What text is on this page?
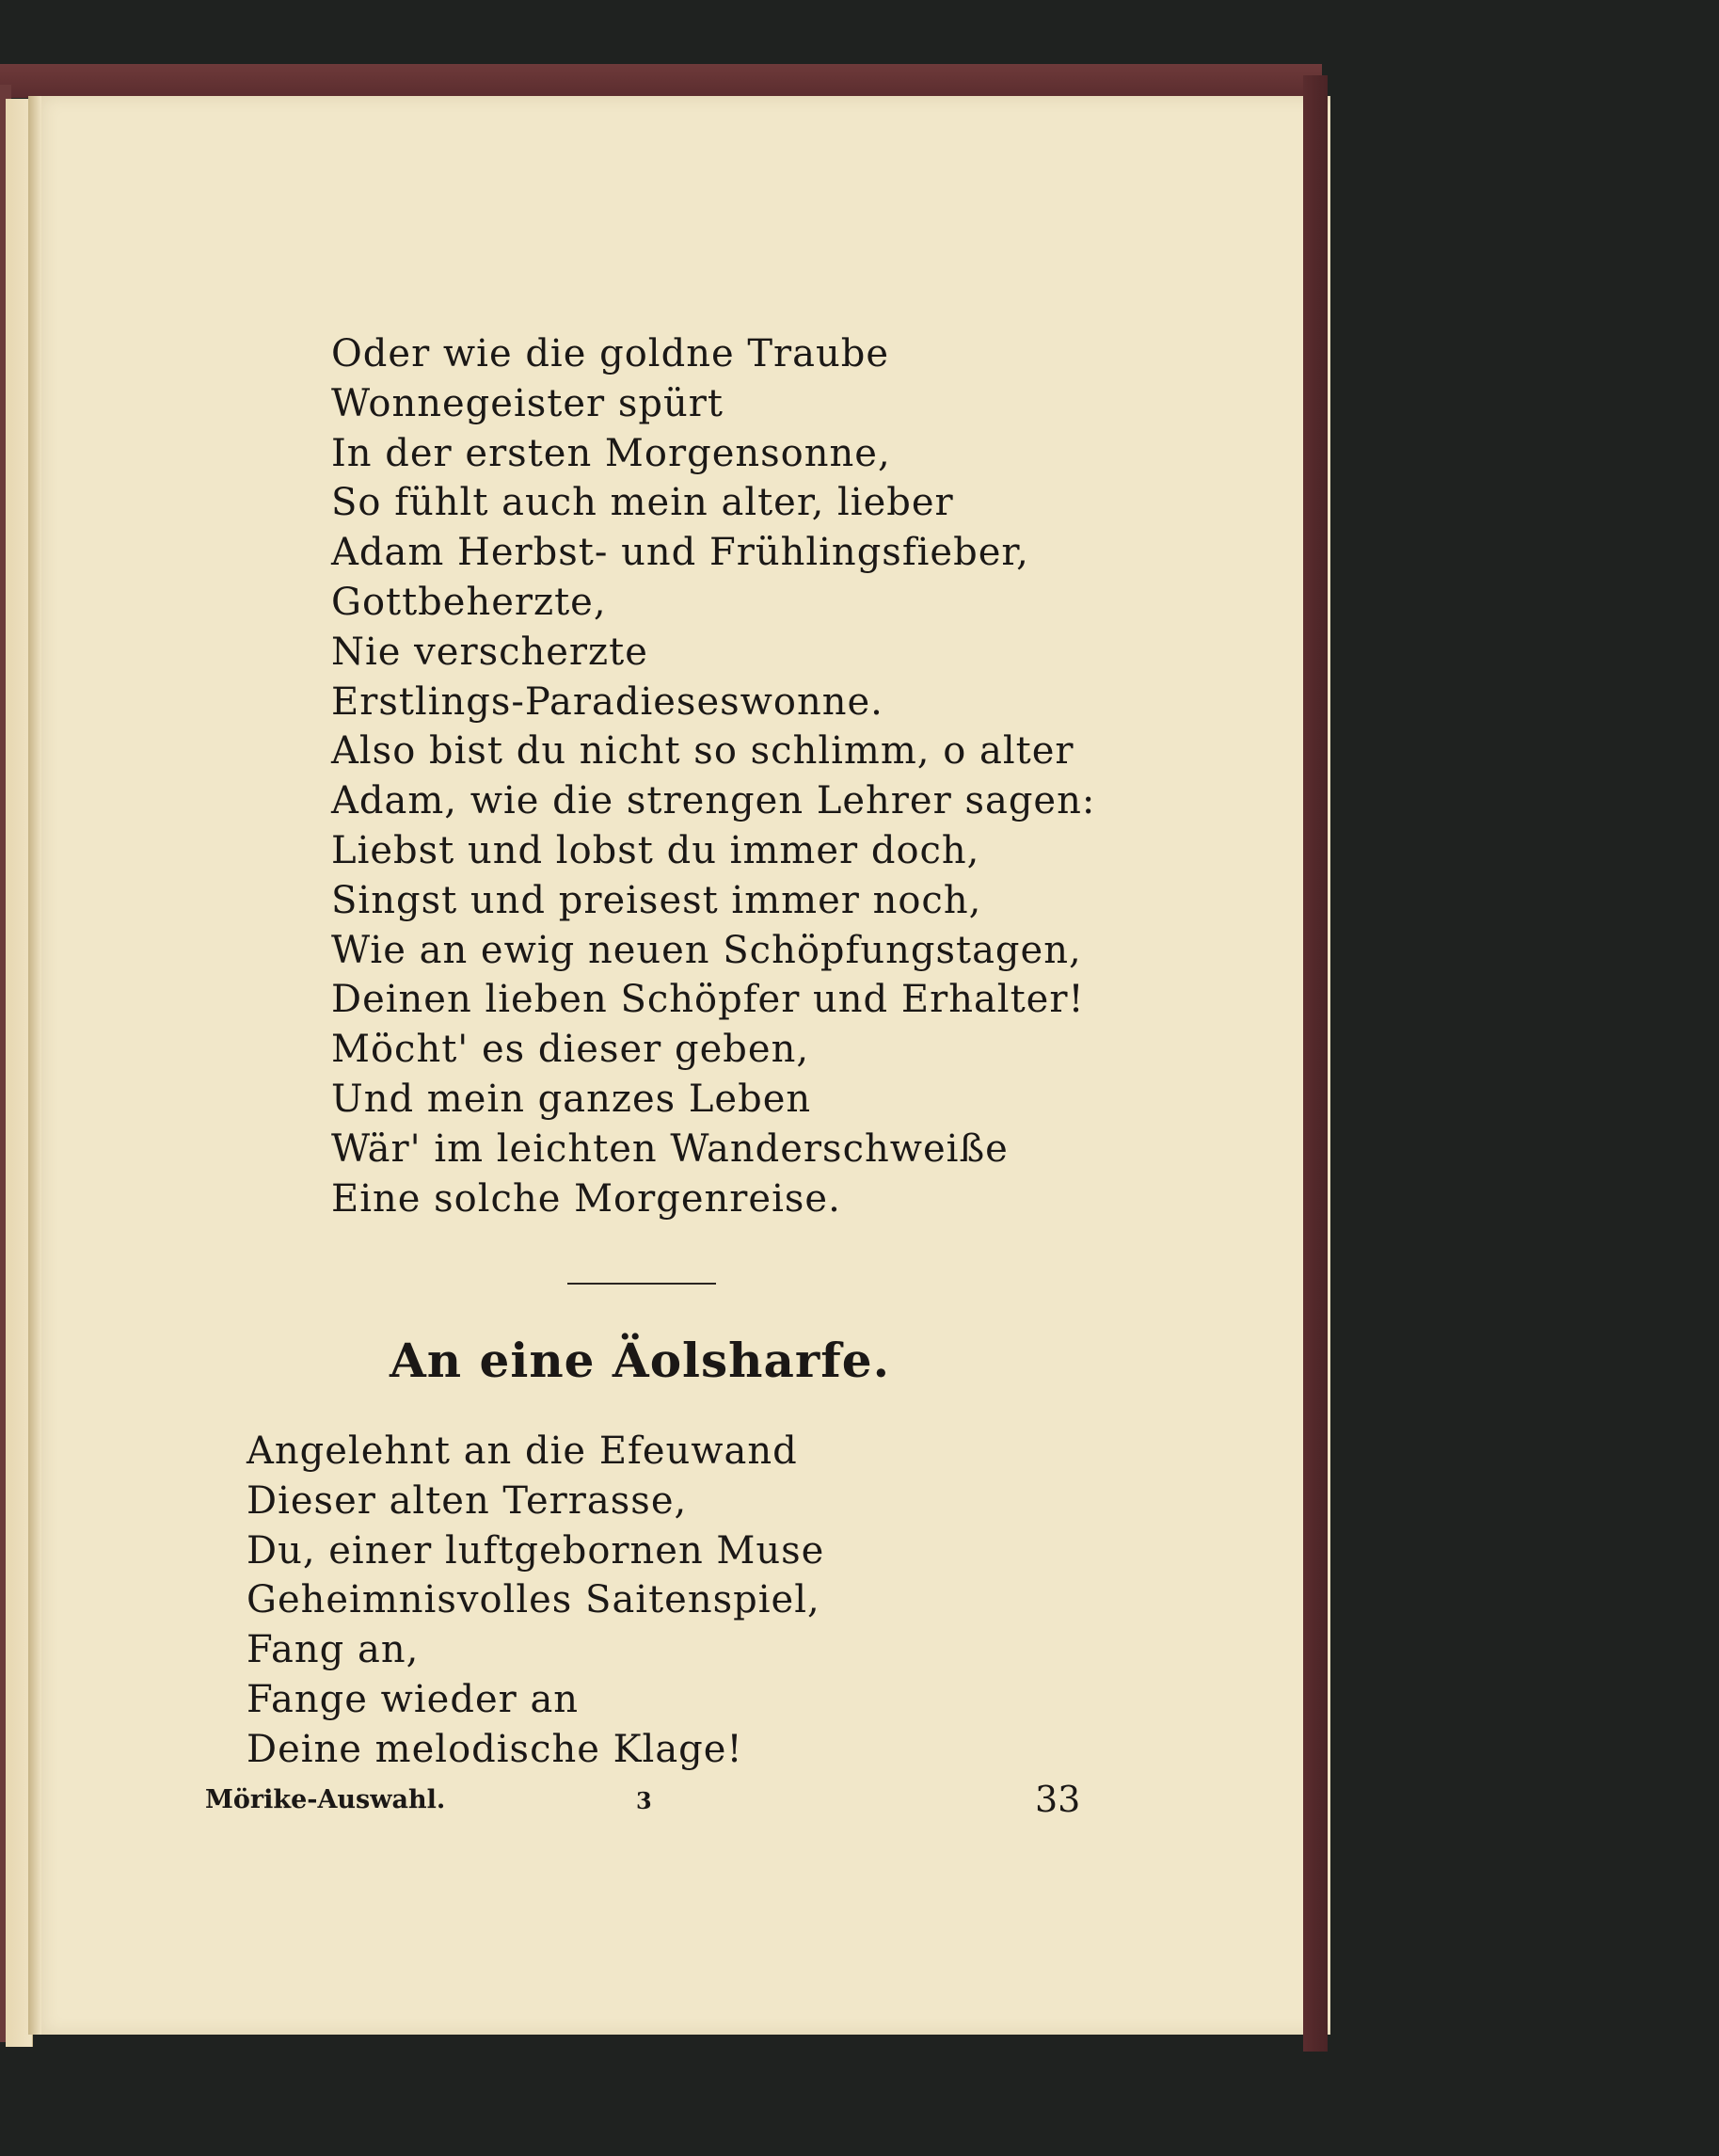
Oder wie die goldne Traube
Wonnegeister spürt
In der ersten Morgensonne,
So fühlt auch mein alter, lieber
Adam Herbst- und Frühlingsfieber,
Gottbeherzte,
Nie verscherzte
Erstlings-Paradieseswonne.
Also bist du nicht so schlimm, o alter
Adam, wie die strengen Lehrer sagen:
Liebst und lobst du immer doch,
Singst und preisest immer noch,
Wie an ewig neuen Schöpfungstagen,
Deinen lieben Schöpfer und Erhalter!
Möcht' es dieser geben,
Und mein ganzes Leben
Wär' im leichten Wanderschweiße
Eine solche Morgenreise.
An eine Äolsharfe.
Angelehnt an die Efeuwand
Dieser alten Terrasse,
Du, einer luftgebornen Muse
Geheimnisvolles Saitenspiel,
Fang an,
Fange wieder an
Deine melodische Klage!
Mörike-Auswahl.	3	33
